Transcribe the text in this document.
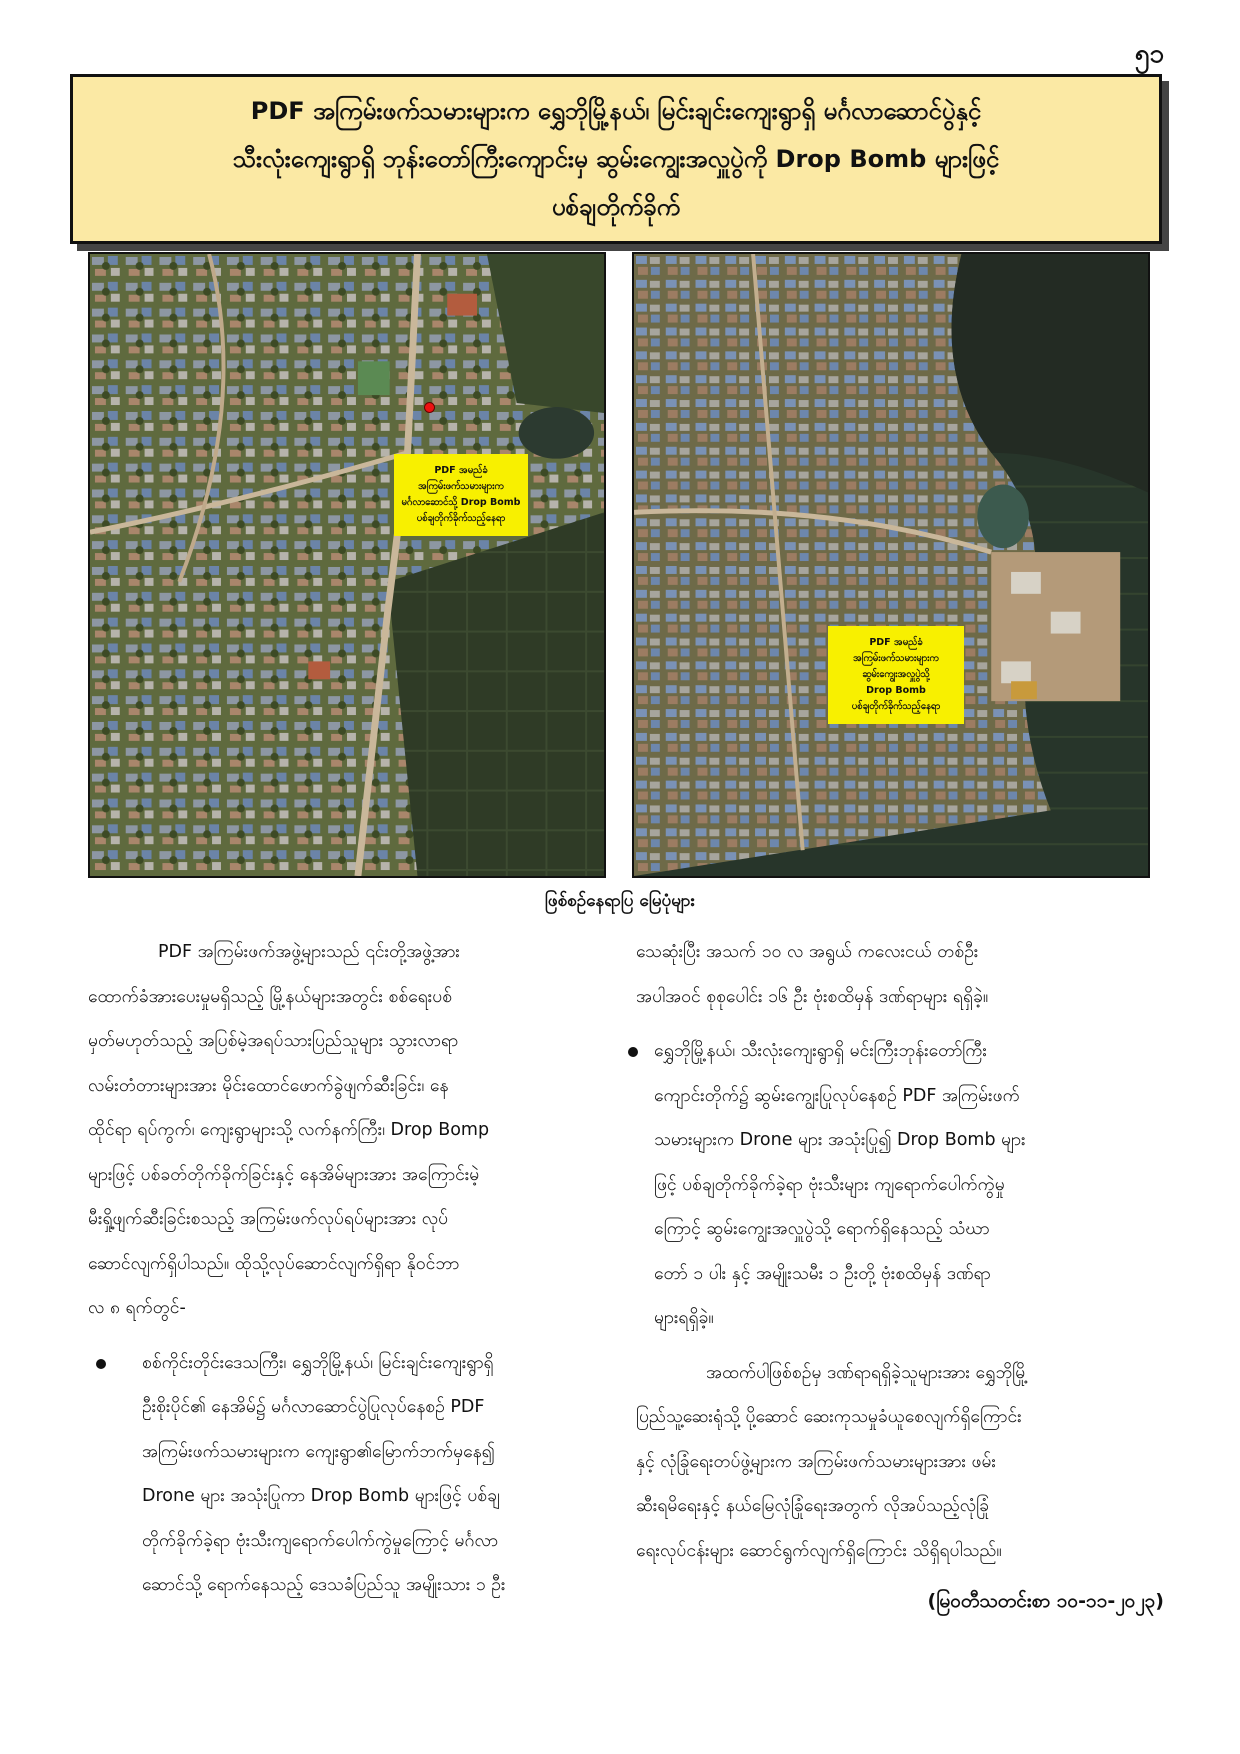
၅၁
PDF အကြမ်းဖက်သမားများက ရွှေဘိုမြို့နယ်၊ မြင်းချင်းကျေးရွာရှိ မင်္ဂလာဆောင်ပွဲနှင့်
သီးလုံးကျေးရွာရှိ ဘုန်းတော်ကြီးကျောင်းမှ ဆွမ်းကျွေးအလှူပွဲကို Drop Bomb များဖြင့်
ပစ်ချတိုက်ခိုက်
PDF အမည်ခံ
အကြမ်းဖက်သမားများက
မင်္ဂလာဆောင်သို့ Drop Bomb
ပစ်ချတိုက်ခိုက်သည့်နေရာ
PDF အမည်ခံ
အကြမ်းဖက်သမားများက
ဆွမ်းကျွေးအလှူပွဲသို့
Drop Bomb
ပစ်ချတိုက်ခိုက်သည့်နေရာ
ဖြစ်စဉ်နေရာပြ မြေပုံများ
PDF အကြမ်းဖက်အဖွဲ့များသည် ၎င်းတို့အဖွဲ့အား
ထောက်ခံအားပေးမှုမရှိသည့် မြို့နယ်များအတွင်း စစ်ရေးပစ်
မှတ်မဟုတ်သည့် အပြစ်မဲ့အရပ်သားပြည်သူများ သွားလာရာ
လမ်းတံတားများအား မိုင်းထောင်ဖောက်ခွဲဖျက်ဆီးခြင်း၊ နေ
ထိုင်ရာ ရပ်ကွက်၊ ကျေးရွာများသို့ လက်နက်ကြီး၊ Drop Bomp
များဖြင့် ပစ်ခတ်တိုက်ခိုက်ခြင်းနှင့် နေအိမ်များအား အကြောင်းမဲ့
မီးရှို့ဖျက်ဆီးခြင်းစသည့် အကြမ်းဖက်လုပ်ရပ်များအား လုပ်
ဆောင်လျက်ရှိပါသည်။ ထိုသို့လုပ်ဆောင်လျက်ရှိရာ နိုဝင်ဘာ
လ ၈ ရက်တွင်-
စစ်ကိုင်းတိုင်းဒေသကြီး၊ ရွှေဘိုမြို့နယ်၊ မြင်းချင်းကျေးရွာရှိ
ဦးစိုးပိုင်၏ နေအိမ်၌ မင်္ဂလာဆောင်ပွဲပြုလုပ်နေစဉ် PDF
အကြမ်းဖက်သမားများက ကျေးရွာ၏မြောက်ဘက်မှနေ၍
Drone များ အသုံးပြုကာ Drop Bomb များဖြင့် ပစ်ချ
တိုက်ခိုက်ခဲ့ရာ ဗုံးသီးကျရောက်ပေါက်ကွဲမှုကြောင့် မင်္ဂလာ
ဆောင်သို့ ရောက်နေသည့် ဒေသခံပြည်သူ အမျိုးသား ၁ ဦး
သေဆုံးပြီး အသက် ၁၀ လ အရွယ် ကလေးငယ် တစ်ဦး
အပါအဝင် စုစုပေါင်း ၁၆ ဦး ဗုံးစထိမှန် ဒဏ်ရာများ ရရှိခဲ့။
ရွှေဘိုမြို့နယ်၊ သီးလုံးကျေးရွာရှိ မင်းကြီးဘုန်းတော်ကြီး
ကျောင်းတိုက်၌ ဆွမ်းကျွေးပြုလုပ်နေစဉ် PDF အကြမ်းဖက်
သမားများက Drone များ အသုံးပြု၍ Drop Bomb များ
ဖြင့် ပစ်ချတိုက်ခိုက်ခဲ့ရာ ဗုံးသီးများ ကျရောက်ပေါက်ကွဲမှု
ကြောင့် ဆွမ်းကျွေးအလှူပွဲသို့ ရောက်ရှိနေသည့် သံဃာ
တော် ၁ ပါး နှင့် အမျိုးသမီး ၁ ဦးတို့ ဗုံးစထိမှန် ဒဏ်ရာ
များရရှိခဲ့။
အထက်ပါဖြစ်စဉ်မှ ဒဏ်ရာရရှိခဲ့သူများအား ရွှေဘိုမြို့
ပြည်သူ့ဆေးရုံသို့ ပို့ဆောင် ဆေးကုသမှုခံယူစေလျက်ရှိကြောင်း
နှင့် လုံခြုံရေးတပ်ဖွဲ့များက အကြမ်းဖက်သမားများအား ဖမ်း
ဆီးရမိရေးနှင့် နယ်မြေလုံခြုံရေးအတွက် လိုအပ်သည့်လုံခြုံ
ရေးလုပ်ငန်းများ ဆောင်ရွက်လျက်ရှိကြောင်း သိရှိရပါသည်။
(မြဝတီသတင်းစာ ၁၀-၁၁-၂၀၂၃)
